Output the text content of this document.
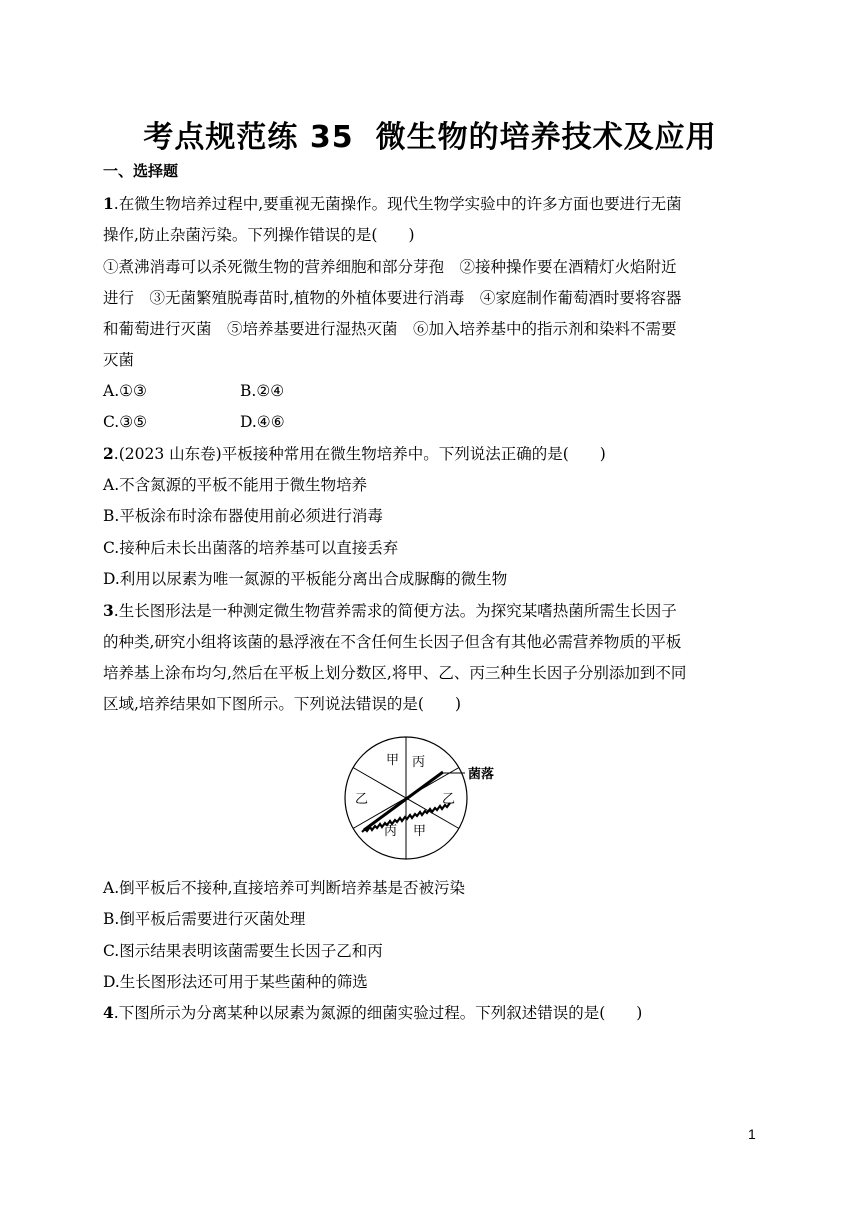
考点规范练 35 微生物的培养技术及应用
一、选择题
1.在微生物培养过程中,要重视无菌操作。现代生物学实验中的许多方面也要进行无菌
操作,防止杂菌污染。下列操作错误的是(　　)
①煮沸消毒可以杀死微生物的营养细胞和部分芽孢　②接种操作要在酒精灯火焰附近
进行　③无菌繁殖脱毒苗时,植物的外植体要进行消毒　④家庭制作葡萄酒时要将容器
和葡萄进行灭菌　⑤培养基要进行湿热灭菌　⑥加入培养基中的指示剂和染料不需要
灭菌
A.①③	B.②④
C.③⑤	D.④⑥
2.(2023 山东卷)平板接种常用在微生物培养中。下列说法正确的是(　　)
A.不含氮源的平板不能用于微生物培养
B.平板涂布时涂布器使用前必须进行消毒
C.接种后未长出菌落的培养基可以直接丢弃
D.利用以尿素为唯一氮源的平板能分离出合成脲酶的微生物
3.生长图形法是一种测定微生物营养需求的简便方法。为探究某嗜热菌所需生长因子
的种类,研究小组将该菌的悬浮液在不含任何生长因子但含有其他必需营养物质的平板
培养基上涂布均匀,然后在平板上划分数区,将甲、乙、丙三种生长因子分别添加到不同
区域,培养结果如下图所示。下列说法错误的是(　　)
菌落
甲 丙
乙	乙
丙 甲
A.倒平板后不接种,直接培养可判断培养基是否被污染
B.倒平板后需要进行灭菌处理
C.图示结果表明该菌需要生长因子乙和丙
D.生长图形法还可用于某些菌种的筛选
4.下图所示为分离某种以尿素为氮源的细菌实验过程。下列叙述错误的是(　　)
1
